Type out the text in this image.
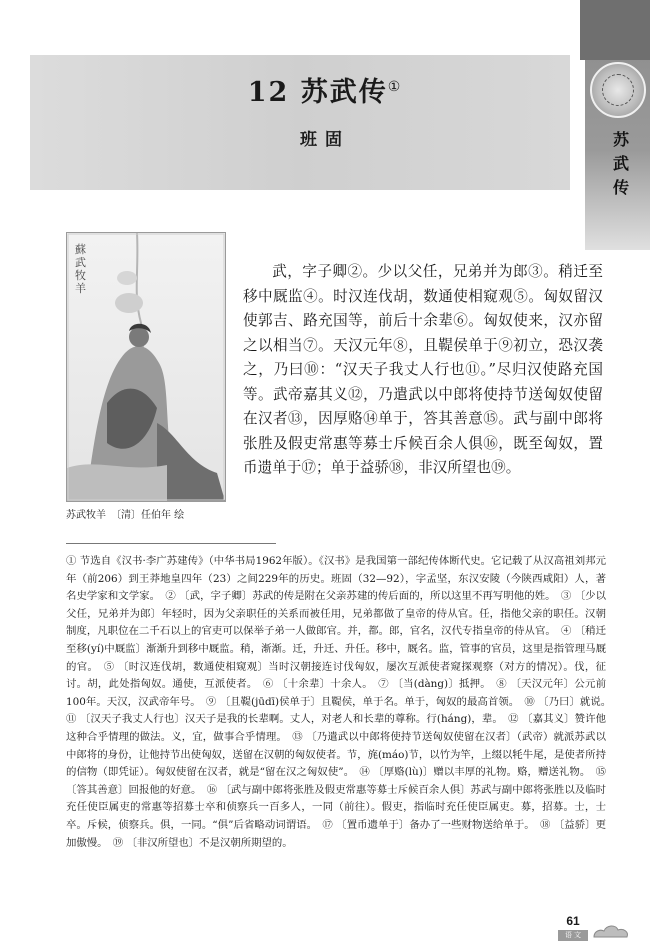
苏
武
传
12 苏武传①
班固
蘇武牧羊
苏武牧羊　〔清〕任伯年 绘

武，字子卿②。少以父任，兄弟并为郎③。稍迁至移中厩监④。时汉连伐胡，数通使相窥观⑤。匈奴留汉使郭吉、路充国等，前后十余辈⑥。匈奴使来，汉亦留之以相当⑦。天汉元年⑧，且鞮侯单于⑨初立，恐汉袭之，乃曰⑩：“汉天子我丈人行也⑪。”尽归汉使路充国等。武帝嘉其义⑫，乃遣武以中郎将使持节送匈奴使留在汉者⑬，因厚赂⑭单于，答其善意⑮。武与副中郎将张胜及假吏常惠等募士斥候百余人俱⑯，既至匈奴，置币遗单于⑰；单于益骄⑱，非汉所望也⑲。

① 节选自《汉书·李广苏建传》（中华书局1962年版）。《汉书》是我国第一部纪传体断代史。它记载了从汉高祖刘邦元年（前206）到王莽地皇四年（23）之间229年的历史。班固（32—92），字孟坚，东汉安陵（今陕西咸阳）人，著名史学家和文学家。　② 〔武，字子卿〕苏武的传是附在父亲苏建的传后面的，所以这里不再写明他的姓。　③ 〔少以父任，兄弟并为郎〕年轻时，因为父亲职任的关系而被任用，兄弟都做了皇帝的侍从官。任，指他父亲的职任。汉朝制度，凡职位在二千石以上的官吏可以保举子弟一人做郎官。并，都。郎，官名，汉代专指皇帝的侍从官。　④ 〔稍迁至移(yí)中厩监〕渐渐升到移中厩监。稍，渐渐。迁，升迁、升任。移中，厩名。监，管事的官员，这里是指管理马厩的官。　⑤ 〔时汉连伐胡，数通使相窥观〕当时汉朝接连讨伐匈奴，屡次互派使者窥探观察（对方的情况）。伐，征讨。胡，此处指匈奴。通使，互派使者。　⑥ 〔十余辈〕十余人。　⑦ 〔当(dàng)〕抵押。　⑧ 〔天汉元年〕公元前100年。天汉，汉武帝年号。　⑨ 〔且鞮(jūdī)侯单于〕且鞮侯，单于名。单于，匈奴的最高首领。　⑩ 〔乃曰〕就说。　⑪ 〔汉天子我丈人行也〕汉天子是我的长辈啊。丈人，对老人和长辈的尊称。行(háng)，辈。　⑫ 〔嘉其义〕赞许他这种合乎情理的做法。义，宜，做事合乎情理。　⑬ 〔乃遣武以中郎将使持节送匈奴使留在汉者〕（武帝）就派苏武以中郎将的身份，让他持节出使匈奴，送留在汉朝的匈奴使者。节，旄(máo)节，以竹为竿，上缀以牦牛尾，是使者所持的信物（即凭证）。匈奴使留在汉者，就是“留在汉之匈奴使”。　⑭ 〔厚赂(lù)〕赠以丰厚的礼物。赂，赠送礼物。　⑮ 〔答其善意〕回报他的好意。　⑯ 〔武与副中郎将张胜及假吏常惠等募士斥候百余人俱〕苏武与副中郎将张胜以及临时充任使臣属吏的常惠等招募士卒和侦察兵一百多人，一同（前往）。假吏，指临时充任使臣属吏。募，招募。士，士卒。斥候，侦察兵。俱，一同。“俱”后省略动词谓语。　⑰ 〔置币遗单于〕备办了一些财物送给单于。　⑱ 〔益骄〕更加傲慢。　⑲ 〔非汉所望也〕不是汉朝所期望的。

61
语 文
